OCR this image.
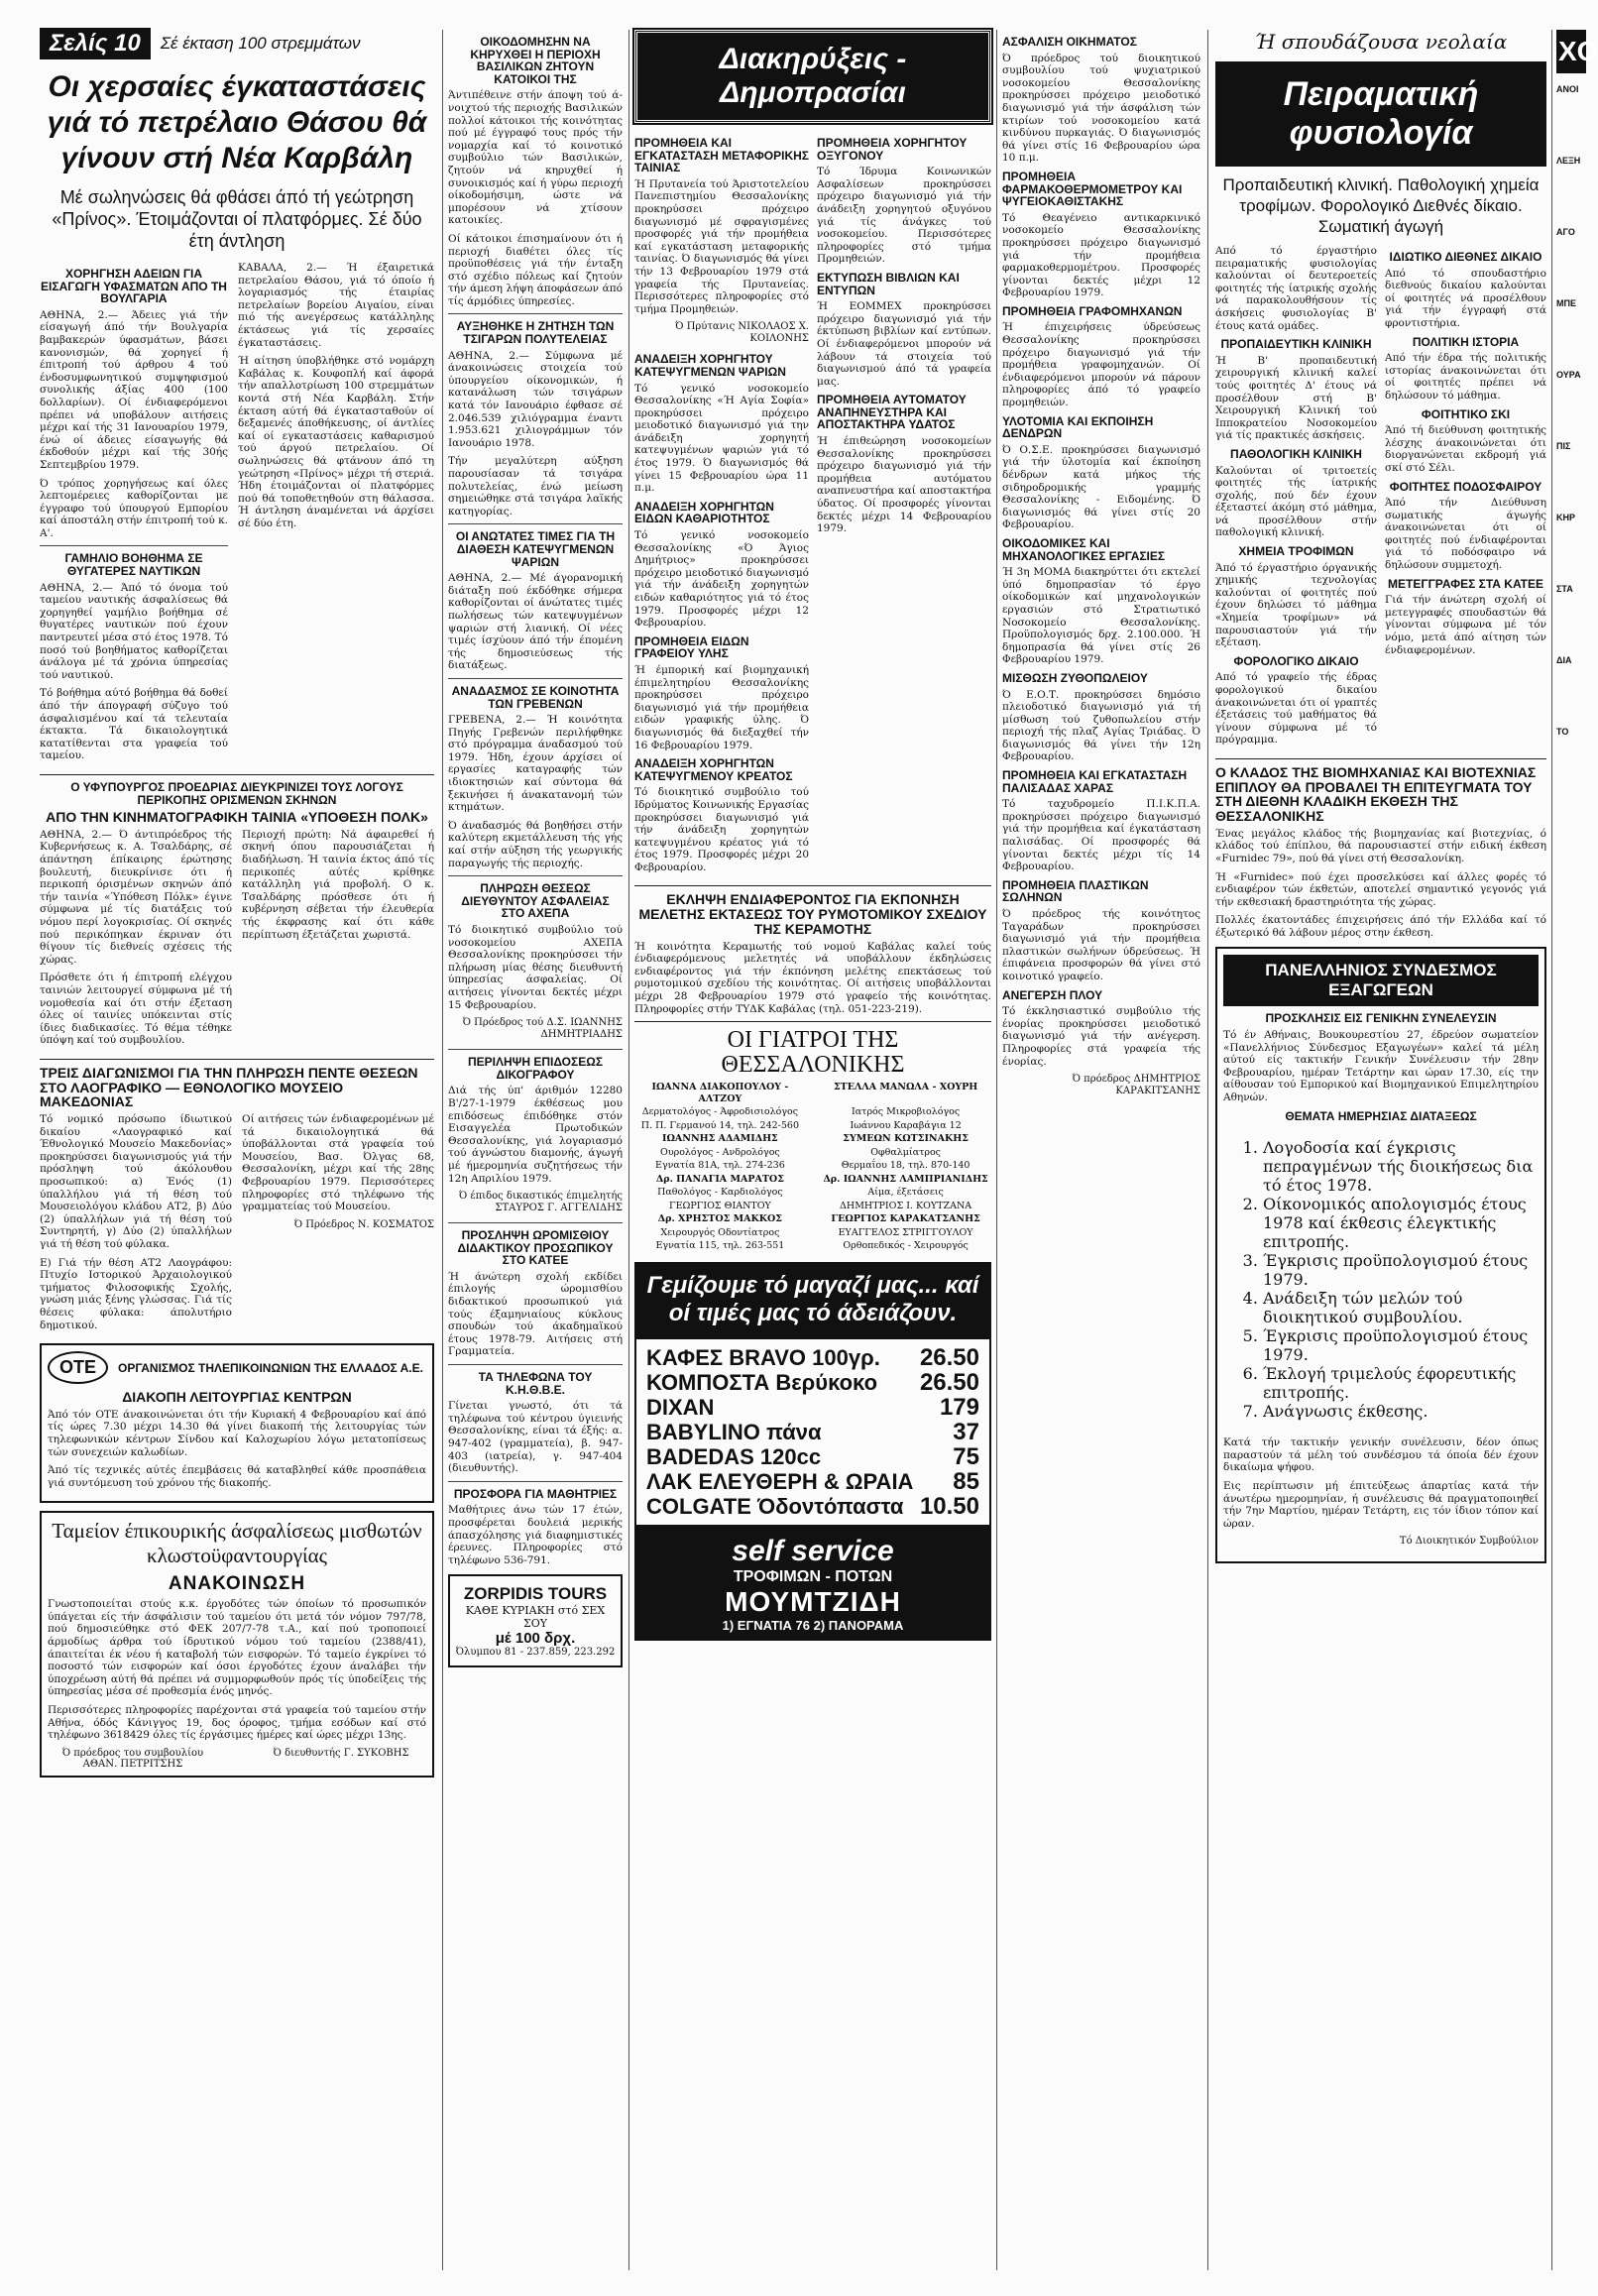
Σελίς 10	Σέ έκταση 100 στρεμμάτων
Οι χερσαίες έγκαταστάσεις γιά τό πετρέλαιο Θάσου θά γίνουν στή Νέα Καρβάλη
Μέ σωληνώσεις θά φθάσει άπό τή γεώτρηση «Πρίνος». Έτοιμάζονται οί πλατφόρμες. Σέ δύο έτη άντληση
ΧΟΡΗΓΗΣΗ ΑΔΕΙΩΝ ΓΙΑ ΕΙΣΑΓΩΓΗ ΥΦΑΣΜΑΤΩΝ ΑΠΟ ΤΗ ΒΟΥΛΓΑΡΙΑ

ΑΘΗΝΑ, 2.— Άδειες γιά τήν είσαγωγή άπό τήν Βουλγαρία βαμβακερών ύφασμάτων, βάσει κανονισμών, θά χορηγεί ή έπιτροπή τού άρθρου 4 τού ένδοσυμφωνητικού συμψηφισμού συνολικής άξίας 400 (100 δολλαρίων). Οί ένδιαφερόμενοι πρέπει νά υποβάλουν αιτήσεις μέχρι καί τής 31 Ιανουαρίου 1979, ένώ οί άδειες είσαγωγής θά έκδοθούν μέχρι καί τής 30ής Σεπτεμβρίου 1979.

Ό τρόπος χορηγήσεως καί όλες λεπτομέρειες καθορίζονται με έγγραφο τού ύπουργού Εμπορίου καί άποστάλη στήν έπιτροπή τού κ. Α'.

ΓΑΜΗΛΙΟ ΒΟΗΘΗΜΑ ΣΕ ΘΥΓΑΤΕΡΕΣ ΝΑΥΤΙΚΩΝ

ΑΘΗΝΑ, 2.— Άπό τό όνομα τού ταμείου ναυτικής άσφαλίσεως θά χορηγηθεί γαμήλιο βοήθημα σέ θυγατέρες ναυτικών πού έχουν παντρευτεί μέσα στό έτος 1978. Τό ποσό τού βοηθήματος καθορίζεται άνάλογα μέ τά χρόνια ύπηρεσίας τού ναυτικού.

Τό βοήθημα αύτό βοήθημα θά δοθεί άπό τήν άπογραφή σύζυγο τού άσφαλισμένου καί τά τελευταία έκτακτα. Τά δικαιολογητικά κατατίθενται στα γραφεία τού ταμείου.

ΚΑΒΑΛΑ, 2.— Ή έξαιρετικά πετρελαίου Θάσου, γιά τό όποίο ή λογαριασμός τής έταιρίας πετρελαίων βορείου Αιγαίου, είναι πιό τής ανεγέρσεως κατάλληλης έκτάσεως γιά τίς χερσαίες έγκαταστάσεις.

Ή αίτηση ύποβλήθηκε στό νομάρχη Καβάλας κ. Κουφοπλή καί άφορά τήν απαλλοτρίωση 100 στρεμμάτων κοντά στή Νέα Καρβάλη. Στήν έκταση αύτή θά έγκατασταθούν οί δεξαμενές άποθήκευσης, οί άντλίες καί οί εγκαταστάσεις καθαρισμού τού άργού πετρελαίου. Οί σωληνώσεις θά φτάνουν άπό τη γεώτρηση «Πρίνος» μέχρι τή στεριά. Ήδη έτοιμάζονται οί πλατφόρμες πού θά τοποθετηθούν στη θάλασσα. Ή άντληση άναμένεται νά άρχίσει σέ δύο έτη.

Ο ΥΦΥΠΟΥΡΓΟΣ ΠΡΟΕΔΡΙΑΣ ΔΙΕΥΚΡΙΝΙΖΕΙ ΤΟΥΣ ΛΟΓΟΥΣ ΠΕΡΙΚΟΠΗΣ ΟΡΙΣΜΕΝΩΝ ΣΚΗΝΩΝ
ΑΠΟ ΤΗΝ ΚΙΝΗΜΑΤΟΓΡΑΦΙΚΗ ΤΑΙΝΙΑ «ΥΠΟΘΕΣΗ ΠΟΛΚ»

ΑΘΗΝΑ, 2.— Ό άντιπρόεδρος τής Κυβερνήσεως κ. Α. Τσαλδάρης, σέ άπάντηση έπίκαιρης έρώτησης βουλευτή, διευκρίνισε ότι ή περικοπή όρισμένων σκηνών άπό τήν ταινία «Ύπόθεση Πόλκ» έγινε σύμφωνα μέ τίς διατάξεις τού νόμου περί λογοκρισίας. Οί σκηνές πού περικόπηκαν έκριναν ότι θίγουν τίς διεθνείς σχέσεις τής χώρας.

Πρόσθετε ότι ή έπιτροπή ελέγχου ταινιών λειτουργεί σύμφωνα μέ τή νομοθεσία καί ότι στήν έξεταση όλες οί ταινίες υπόκεινται στίς ίδιες διαδικασίες. Τό θέμα τέθηκε ύπόψη καί τού συμβουλίου.

Περιοχή πρώτη: Νά άφαιρεθεί ή σκηνή όπου παρουσιάζεται ή διαδήλωση. Ή ταινία έκτος άπό τίς περικοπές αύτές κρίθηκε κατάλληλη γιά προβολή. Ο κ. Τσαλδάρης πρόσθεσε ότι ή κυβέρνηση σέβεται τήν έλευθερία τής έκφρασης καί ότι κάθε περίπτωση έξετάζεται χωριστά.

ΤΡΕΙΣ ΔΙΑΓΩΝΙΣΜΟΙ ΓΙΑ ΤΗΝ ΠΛΗΡΩΣΗ ΠΕΝΤΕ ΘΕΣΕΩΝ ΣΤΟ ΛΑΟΓΡΑΦΙΚΟ — ΕΘΝΟΛΟΓΙΚΟ ΜΟΥΣΕΙΟ ΜΑΚΕΔΟΝΙΑΣ

Τό νομικό πρόσωπο ίδιωτικού δικαίου «Λαογραφικό καί Έθνολογικό Μουσείο Μακεδονίας» προκηρύσσει διαγωνισμούς γιά τήν πρόσληψη τού άκόλουθου προσωπικού: α) Ένός (1) ύπαλλήλου γιά τή θέση τού Μουσειολόγου κλάδου ΑΤ2, β) Δύο (2) ύπαλλήλων γιά τή θέση τού Συντηρητή, γ) Δύο (2) ύπαλλήλων γιά τή θέση τού φύλακα.

Ε) Γιά τήν θέση ΑΤ2 Λαογράφου: Πτυχίο Ιστορικού Άρχαιολογικού τμήματος Φιλοσοφικής Σχολής, γνώση μιάς ξένης γλώσσας. Γιά τίς θέσεις φύλακα: άπολυτήριο δημοτικού.

Οί αιτήσεις τών ένδιαφερομένων μέ τά δικαιολογητικά θά ύποβάλλονται στά γραφεία τού Μουσείου, Βασ. Όλγας 68, Θεσσαλονίκη, μέχρι καί τής 28ης Φεβρουαρίου 1979. Περισσότερες πληροφορίες στό τηλέφωνο τής γραμματείας τού Μουσείου.

Ό Πρόεδρος Ν. ΚΟΣΜΑΤΟΣ
ΟΤΕ	ΟΡΓΑΝΙΣΜΟΣ ΤΗΛΕΠΙΚΟΙΝΩΝΙΩΝ ΤΗΣ ΕΛΛΑΔΟΣ Α.Ε.
ΔΙΑΚΟΠΗ ΛΕΙΤΟΥΡΓΙΑΣ ΚΕΝΤΡΩΝ

Άπό τόν ΟΤΕ άνακοινώνεται ότι τήν Κυριακή 4 Φεβρουαρίου καί άπό τίς ώρες 7.30 μέχρι 14.30 θά γίνει διακοπή τής λειτουργίας τών τηλεφωνικών κέντρων Σίνδου καί Καλοχωρίου λόγω μετατοπίσεως τών συνεχειών καλωδίων.

Άπό τίς τεχνικές αύτές έπεμβάσεις θά καταβληθεί κάθε προσπάθεια γιά συντόμευση τού χρόνου τής διακοπής.

Ταμείον έπικουρικής άσφαλίσεως μισθωτών κλωστοϋφαντουργίας
ΑΝΑΚΟΙΝΩΣΗ

Γνωστοποιείται στούς κ.κ. έργοδότες τών όποίων τό προσωπικόν ύπάγεται είς τήν άσφάλισιν τού ταμείου ότι μετά τόν νόμον 797/78, πού δημοσιεύθηκε στό ΦΕΚ 207/7-78 τ.Α., καί πού τροποποιεί άρμοδίως άρθρα τού ίδρυτικού νόμου τού ταμείου (2388/41), άπαιτείται έκ νέου ή καταβολή τών εισφορών. Τό ταμείο έγκρίνει τό ποσοστό τών εισφορών καί όσοι έργοδότες έχουν άναλάβει τήν ύποχρέωση αύτή θά πρέπει νά συμμορφωθούν πρός τίς ύποδείξεις τής ύπηρεσίας μέσα σέ προθεσμία ένός μηνός.

Περισσότερες πληροφορίες παρέχονται στά γραφεία τού ταμείου στήν Αθήνα, όδός Κάνιγγος 19, δος όροφος, τμήμα εσόδων καί στό τηλέφωνο 3618429 όλες τίς έργάσιμες ήμέρες καί ώρες μέχρι 13ης.

Ό πρόεδρος του συμβουλίου ΑΘΑΝ. ΠΕΤΡΙΤΣΗΣ
Ό διευθυντής Γ. ΣΥΚΟΒΗΣ
ΟΙΚΟΔΟΜΗΣΗΝ ΝΑ ΚΗΡΥΧΘΕΙ Η ΠΕΡΙΟΧΗ ΒΑΣΙΛΙΚΩΝ ΖΗΤΟΥΝ ΚΑΤΟΙΚΟΙ ΤΗΣ

Άντιπέθεινε στήν άποψη τού ά-νοιχτού τής περιοχής Βασιλικών πολλοί κάτοικοι τής κοινότητας πού μέ έγγραφό τους πρός τήν νομαρχία καί τό κοινοτικό συμβούλιο τών Βασιλικών, ζητούν νά κηρυχθεί ή συνοικισμός καί ή γύρω περιοχή οίκοδομήσιμη, ώστε νά μπορέσουν νά χτίσουν κατοικίες.

Οί κάτοικοι έπισημαίνουν ότι ή περιοχή διαθέτει όλες τίς προϋποθέσεις γιά τήν ένταξη στό σχέδιο πόλεως καί ζητούν τήν άμεση λήψη άποφάσεων άπό τίς άρμόδιες ύπηρεσίες.

ΑΥΞΗΘΗΚΕ Η ΖΗΤΗΣΗ ΤΩΝ ΤΣΙΓΑΡΩΝ ΠΟΛΥΤΕΛΕΙΑΣ

ΑΘΗΝΑ, 2.— Σύμφωνα μέ άνακοινώσεις στοιχεία τού ύπουργείου οίκονομικών, ή κατανάλωση τών τσιγάρων κατά τόν Ιανουάριο έφθασε σέ 2.046.539 χιλιόγραμμα έναντι 1.953.621 χιλιογράμμων τόν Ιανουάριο 1978.

Τήν μεγαλύτερη αύξηση παρουσίασαν τά τσιγάρα πολυτελείας, ένώ μείωση σημειώθηκε στά τσιγάρα λαϊκής κατηγορίας.

ΟΙ ΑΝΩΤΑΤΕΣ ΤΙΜΕΣ ΓΙΑ ΤΗ ΔΙΑΘΕΣΗ ΚΑΤΕΨΥΓΜΕΝΩΝ ΨΑΡΙΩΝ

ΑΘΗΝΑ, 2.— Μέ άγορανομική διάταξη πού έκδόθηκε σήμερα καθορίζονται οί άνώτατες τιμές πωλήσεως τών κατεψυγμένων ψαριών στή λιανική. Οί νέες τιμές ίσχύουν άπό τήν έπομένη τής δημοσιεύσεως τής διατάξεως.

ΑΝΑΔΑΣΜΟΣ ΣΕ ΚΟΙΝΟΤΗΤΑ ΤΩΝ ΓΡΕΒΕΝΩΝ

ΓΡΕΒΕΝΑ, 2.— Ή κοινότητα Πηγής Γρεβενών περιλήφθηκε στό πρόγραμμα άναδασμού τού 1979. Ήδη, έχουν άρχίσει οί εργασίες καταγραφής τών ιδιοκτησιών καί σύντομα θά ξεκινήσει ή άνακατανομή τών κτημάτων.

Ό άναδασμός θά βοηθήσει στήν καλύτερη εκμετάλλευση τής γής καί στήν αύξηση τής γεωργικής παραγωγής τής περιοχής.

ΠΛΗΡΩΣΗ ΘΕΣΕΩΣ ΔΙΕΥΘΥΝΤΟΥ ΑΣΦΑΛΕΙΑΣ ΣΤΟ ΑΧΕΠΑ

Τό διοικητικό συμβούλιο τού νοσοκομείου ΑΧΕΠΑ Θεσσαλονίκης προκηρύσσει τήν πλήρωση μίας θέσης διευθυντή ύπηρεσίας άσφαλείας. Οί αιτήσεις γίνονται δεκτές μέχρι 15 Φεβρουαρίου.

Ό Πρόεδρος τού Δ.Σ. ΙΩΑΝΝΗΣ ΔΗΜΗΤΡΙΑΔΗΣ
ΠΕΡΙΛΗΨΗ ΕΠΙΔΟΣΕΩΣ ΔΙΚΟΓΡΑΦΟΥ

Διά τής ύπ' άριθμόν 12280 Β'/27-1-1979 έκθέσεως μου επιδόσεως έπιδόθηκε στόν Εισαγγελέα Πρωτοδικών Θεσσαλονίκης, γιά λογαριασμό τού άγνώστου διαμονής, άγωγή μέ ήμερομηνία συζητήσεως τήν 12η Απριλίου 1979.

Ό έπιδος δικαστικός έπιμελητής ΣΤΑΥΡΟΣ Γ. ΑΓΓΕΛΙΔΗΣ
ΠΡΟΣΛΗΨΗ ΩΡΟΜΙΣΘΙΟΥ ΔΙΔΑΚΤΙΚΟΥ ΠΡΟΣΩΠΙΚΟΥ ΣΤΟ ΚΑΤΕΕ

Ή άνώτερη σχολή εκδίδει έπιλογής ώρομισθίου διδακτικού προσωπικού γιά τούς έξαμηνιαίους κύκλους σπουδών τού άκαδημαϊκού έτους 1978-79. Αιτήσεις στή Γραμματεία.

ΤΑ ΤΗΛΕΦΩΝΑ ΤΟΥ Κ.Η.Θ.Β.Ε.

Γίνεται γνωστό, ότι τά τηλέφωνα τού κέντρου ύγιεινής Θεσσαλονίκης, είναι τά έξής: α. 947-402 (γραμματεία), β. 947-403 (ιατρεία), γ. 947-404 (διευθυντής).

ΠΡΟΣΦΟΡΑ ΓΙΑ ΜΑΘΗΤΡΙΕΣ

Μαθήτριες άνω τών 17 έτών, προσφέρεται δουλειά μερικής άπασχόλησης γιά διαφημιστικές έρευνες. Πληροφορίες στό τηλέφωνο 536-791.

ZORPIDIS TOURS
ΚΑΘΕ ΚΥΡΙΑΚΗ στό ΣΕΧ ΣΟΥ
μέ 100 δρχ.
Όλυμπου 81 - 237.859, 223.292
Διακηρύξεις - Δημοπρασίαι
ΠΡΟΜΗΘΕΙΑ ΚΑΙ ΕΓΚΑΤΑΣΤΑΣΗ ΜΕΤΑΦΟΡΙΚΗΣ ΤΑΙΝΙΑΣ

Ή Πρυτανεία τού Άριστοτελείου Πανεπιστημίου Θεσσαλονίκης προκηρύσσει πρόχειρο διαγωνισμό μέ σφραγισμένες προσφορές γιά τήν προμήθεια καί εγκατάσταση μεταφορικής ταινίας. Ό διαγωνισμός θά γίνει τήν 13 Φεβρουαρίου 1979 στά γραφεία τής Πρυτανείας. Περισσότερες πληροφορίες στό τμήμα Προμηθειών.

Ό Πρύτανις ΝΙΚΟΛΑΟΣ Χ. ΚΟΙΛΟΝΗΣ
ΑΝΑΔΕΙΞΗ ΧΟΡΗΓΗΤΟΥ ΚΑΤΕΨΥΓΜΕΝΩΝ ΨΑΡΙΩΝ

Τό γενικό νοσοκομείο Θεσσαλονίκης «Ή Αγία Σοφία» προκηρύσσει πρόχειρο μειοδοτικό διαγωνισμό γιά την άνάδειξη χορηγητή κατεψυγμένων ψαριών γιά τό έτος 1979. Ό διαγωνισμός θά γίνει 15 Φεβρουαρίου ώρα 11 π.μ.

ΑΝΑΔΕΙΞΗ ΧΟΡΗΓΗΤΩΝ ΕΙΔΩΝ ΚΑΘΑΡΙΟΤΗΤΟΣ

Τό γενικό νοσοκομείο Θεσσαλονίκης «Ό Άγιος Δημήτριος» προκηρύσσει πρόχειρο μειοδοτικό διαγωνισμό γιά τήν άνάδειξη χορηγητών ειδών καθαριότητος γιά τό έτος 1979. Προσφορές μέχρι 12 Φεβρουαρίου.

ΠΡΟΜΗΘΕΙΑ ΕΙΔΩΝ ΓΡΑΦΕΙΟΥ ΥΛΗΣ

Ή έμπορική καί βιομηχανική έπιμελητηρίου Θεσσαλονίκης προκηρύσσει πρόχειρο διαγωνισμό γιά τήν προμήθεια ειδών γραφικής ύλης. Ό διαγωνισμός θά διεξαχθεί τήν 16 Φεβρουαρίου 1979.

ΑΝΑΔΕΙΞΗ ΧΟΡΗΓΗΤΩΝ ΚΑΤΕΨΥΓΜΕΝΟΥ ΚΡΕΑΤΟΣ

Τό διοικητικό συμβούλιο τού Ιδρύματος Κοινωνικής Εργασίας προκηρύσσει διαγωνισμό γιά τήν άνάδειξη χορηγητών κατεψυγμένου κρέατος γιά τό έτος 1979. Προσφορές μέχρι 20 Φεβρουαρίου.

ΠΡΟΜΗΘΕΙΑ ΧΟΡΗΓΗΤΟΥ ΟΞΥΓΟΝΟΥ

Τό Ίδρυμα Κοινωνικών Ασφαλίσεων προκηρύσσει πρόχειρο διαγωνισμό γιά τήν άνάδειξη χορηγητού οξυγόνου γιά τίς άνάγκες τού νοσοκομείου. Περισσότερες πληροφορίες στό τμήμα Προμηθειών.

ΕΚΤΥΠΩΣΗ ΒΙΒΛΙΩΝ ΚΑΙ ΕΝΤΥΠΩΝ

Ή ΕΟΜΜΕΧ προκηρύσσει πρόχειρο διαγωνισμό γιά τήν έκτύπωση βιβλίων καί εντύπων. Οί ένδιαφερόμενοι μπορούν νά λάβουν τά στοιχεία τού διαγωνισμού άπό τά γραφεία μας.

ΠΡΟΜΗΘΕΙΑ ΑΥΤΟΜΑΤΟΥ ΑΝΑΠΗΝΕΥΣΤΗΡΑ ΚΑΙ ΑΠΟΣΤΑΚΤΗΡΑ ΥΔΑΤΟΣ

Ή έπιθεώρηση νοσοκομείων Θεσσαλονίκης προκηρύσσει πρόχειρο διαγωνισμό γιά τήν προμήθεια αυτόματου αναπνευστήρα καί αποστακτήρα ύδατος. Οί προσφορές γίνονται δεκτές μέχρι 14 Φεβρουαρίου 1979.

ΕΚΛΗΨΗ ΕΝΔΙΑΦΕΡΟΝΤΟΣ ΓΙΑ ΕΚΠΟΝΗΣΗ ΜΕΛΕΤΗΣ ΕΚΤΑΣΕΩΣ ΤΟΥ ΡΥΜΟΤΟΜΙΚΟΥ ΣΧΕΔΙΟΥ ΤΗΣ ΚΕΡΑΜΟΤΗΣ

Ή κοινότητα Κεραμωτής τού νομού Καβάλας καλεί τούς ένδιαφερόμενους μελετητές νά υποβάλλουν έκδηλώσεις ενδιαφέροντος γιά τήν έκπόνηση μελέτης επεκτάσεως τού ρυμοτομικού σχεδίου τής κοινότητας. Οί αιτήσεις υποβάλλονται μέχρι 28 Φεβρουαρίου 1979 στό γραφείο τής κοινότητας. Πληροφορίες στήν ΤΥΔΚ Καβάλας (τηλ. 051-223-219).

ΟΙ ΓΙΑΤΡΟΙ ΤΗΣ ΘΕΣΣΑΛΟΝΙΚΗΣ
ΙΩΑΝΝΑ ΔΙΑΚΟΠΟΥΛΟΥ - ΑΛΤΖΟΥ
ΣΤΕΛΛΑ ΜΑΝΩΛΑ - ΧΟΥΡΗ
Δερματολόγος - Άφροδισιολόγος	Ιατρός Μικροβιολόγος
Π. Π. Γερμανού 14, τηλ. 242-560	Ιωάννου Καραβάγια 12
ΙΩΑΝΝΗΣ ΑΔΑΜΙΔΗΣ	ΣΥΜΕΩΝ ΚΩΤΣΙΝΑΚΗΣ
Ουρολόγος - Ανδρολόγος	Οφθαλμίατρος
Εγνατία 81Α, τηλ. 274-236	Θερμαΐου 18, τηλ. 870-140
Δρ. ΠΑΝΑΓΙΑ ΜΑΡΑΤΟΣ	Δρ. ΙΩΑΝΝΗΣ ΛΑΜΠΡΙΑΝΙΔΗΣ
Παθολόγος - Καρδιολόγος	Αίμα, έξετάσεις
ΓΕΩΡΓΙΟΣ ΘΙΑΝΤΟΥ	ΔΗΜΗΤΡΙΟΣ Ι. ΚΟΥΤΖΑΝΑ
Δρ. ΧΡΗΣΤΟΣ ΜΑΚΚΟΣ	ΓΕΩΡΓΙΟΣ ΚΑΡΑΚΑΤΣΑΝΗΣ
Χειρουργός Οδοντίατρος	ΕΥΑΓΓΕΛΟΣ ΣΤΡΙΓΓΟΥΛΟΥ
Εγνατία 115, τηλ. 263-551	Ορθοπεδικός - Χειρουργός
Γεμίζουμε τό μαγαζί μας... καί οί τιμές μας τό άδειάζουν.
ΚΑΦΕΣ BRAVO 100γρ. 26.50
ΚΟΜΠΟΣΤΑ Βερύκοκο 26.50
DIXAN	179
BABYLINO πάνα	37
BADEDAS 120cc	75
ΛΑΚ ΕΛΕΥΘΕΡΗ & ΩΡΑΙΑ 85
COLGATE Όδοντόπαστα 10.50
self service
ΤΡΟΦΙΜΩΝ - ΠΟΤΩΝ
ΜΟΥΜΤΖΙΔΗ
1) ΕΓΝΑΤΙΑ 76 2) ΠΑΝΟΡΑΜΑ
ΑΣΦΑΛΙΣΗ ΟΙΚΗΜΑΤΟΣ

Ό πρόεδρος τού διοικητικού συμβουλίου τού ψυχιατρικού νοσοκομείου Θεσσαλονίκης προκηρύσσει πρόχειρο μειοδοτικό διαγωνισμό γιά τήν άσφάλιση τών κτιρίων τού νοσοκομείου κατά κινδύνου πυρκαγιάς. Ό διαγωνισμός θά γίνει στίς 16 Φεβρουαρίου ώρα 10 π.μ.

ΠΡΟΜΗΘΕΙΑ ΦΑΡΜΑΚΟΘΕΡΜΟΜΕΤΡΟΥ ΚΑΙ ΨΥΓΕΙΟΚΑΘΙΣΤΑΚΗΣ

Τό Θεαγένειο αντικαρκινικό νοσοκομείο Θεσσαλονίκης προκηρύσσει πρόχειρο διαγωνισμό γιά τήν προμήθεια φαρμακοθερμομέτρου. Προσφορές γίνονται δεκτές μέχρι 12 Φεβρουαρίου 1979.

ΠΡΟΜΗΘΕΙΑ ΓΡΑΦΟΜΗΧΑΝΩΝ

Ή έπιχειρήσεις ύδρεύσεως Θεσσαλονίκης προκηρύσσει πρόχειρο διαγωνισμό γιά τήν προμήθεια γραφομηχανών. Οί ένδιαφερόμενοι μπορούν νά πάρουν πληροφορίες άπό τό γραφείο προμηθειών.

ΥΛΟΤΟΜΙΑ ΚΑΙ ΕΚΠΟΙΗΣΗ ΔΕΝΔΡΩΝ

Ό Ο.Σ.Ε. προκηρύσσει διαγωνισμό γιά τήν ύλοτομία καί έκποίηση δένδρων κατά μήκος τής σιδηροδρομικής γραμμής Θεσσαλονίκης - Ειδομένης. Ό διαγωνισμός θά γίνει στίς 20 Φεβρουαρίου.

ΟΙΚΟΔΟΜΙΚΕΣ ΚΑΙ ΜΗΧΑΝΟΛΟΓΙΚΕΣ ΕΡΓΑΣΙΕΣ

Ή 3η ΜΟΜΑ διακηρύττει ότι εκτελεί ύπό δημοπρασίαν τό έργο οίκοδομικών καί μηχανολογικών εργασιών στό Στρατιωτικό Νοσοκομείο Θεσσαλονίκης. Προϋπολογισμός δρχ. 2.100.000. Ή δημοπρασία θά γίνει στίς 26 Φεβρουαρίου 1979.

ΜΙΣΘΩΣΗ ΖΥΘΟΠΩΛΕΙΟΥ

Ό Ε.Ο.Τ. προκηρύσσει δημόσιο πλειοδοτικό διαγωνισμό γιά τή μίσθωση τού ζυθοπωλείου στήν περιοχή τής πλαζ Αγίας Τριάδας. Ό διαγωνισμός θά γίνει τήν 12η Φεβρουαρίου.

ΠΡΟΜΗΘΕΙΑ ΚΑΙ ΕΓΚΑΤΑΣΤΑΣΗ ΠΑΛΙΣΑΔΑΣ ΧΑΡΑΣ

Τό ταχυδρομείο Π.Ι.Κ.Π.Α. προκηρύσσει πρόχειρο διαγωνισμό γιά τήν προμήθεια καί έγκατάσταση παλισάδας. Οί προσφορές θά γίνονται δεκτές μέχρι τίς 14 Φεβρουαρίου.

ΠΡΟΜΗΘΕΙΑ ΠΛΑΣΤΙΚΩΝ ΣΩΛΗΝΩΝ

Ό πρόεδρος τής κοινότητος Ταγαράδων προκηρύσσει διαγωνισμό γιά τήν προμήθεια πλαστικών σωλήνων ύδρεύσεως. Ή έπιφάνεια προσφορών θά γίνει στό κοινοτικό γραφείο.

ΑΝΕΓΕΡΣΗ ΠΛΟΥ

Τό έκκλησιαστικό συμβούλιο τής ένορίας προκηρύσσει μειοδοτικό διαγωνισμό γιά τήν ανέγερση. Πληροφορίες στά γραφεία τής ένορίας.

Ό πρόεδρος ΔΗΜΗΤΡΙΟΣ ΚΑΡΑΚΙΤΣΑΝΗΣ
Ή σπουδάζουσα νεολαία
Πειραματική φυσιολογία
Προπαιδευτική κλινική. Παθολογική χημεία τροφίμων. Φορολογικό Διεθνές δίκαιο. Σωματική άγωγή

Από τό έργαστήριο πειραματικής φυσιολογίας καλούνται οί δευτεροετείς φοιτητές τής ίατρικής σχολής νά παρακολουθήσουν τίς άσκήσεις φυσιολογίας Β' έτους κατά ομάδες.

ΠΡΟΠΑΙΔΕΥΤΙΚΗ ΚΛΙΝΙΚΗ

Ή Β' προπαιδευτική χειρουργική κλινική καλεί τούς φοιτητές Δ' έτους νά προσέλθουν στή Β' Χειρουργική Κλινική τού Ιπποκρατείου Νοσοκομείου γιά τίς πρακτικές άσκήσεις.

ΠΑΘΟΛΟΓΙΚΗ ΚΛΙΝΙΚΗ

Καλούνται οί τριτοετείς φοιτητές τής ίατρικής σχολής, πού δέν έχουν έξεταστεί άκόμη στό μάθημα, νά προσέλθουν στήν παθολογική κλινική.

ΧΗΜΕΙΑ ΤΡΟΦΙΜΩΝ

Άπό τό έργαστήριο όργανικής χημικής τεχνολογίας καλούνται οί φοιτητές πού έχουν δηλώσει τό μάθημα «Χημεία τροφίμων» νά παρουσιαστούν γιά τήν εξέταση.

ΦΟΡΟΛΟΓΙΚΟ ΔΙΚΑΙΟ

Από τό γραφείο τής έδρας φορολογικού δικαίου άνακοινώνεται ότι οί γραπτές έξετάσεις τού μαθήματος θά γίνουν σύμφωνα μέ τό πρόγραμμα.

ΙΔΙΩΤΙΚΟ ΔΙΕΘΝΕΣ ΔΙΚΑΙΟ

Από τό σπουδαστήριο διεθνούς δικαίου καλούνται οί φοιτητές νά προσέλθουν γιά τήν έγγραφή στά φροντιστήρια.

ΠΟΛΙΤΙΚΗ ΙΣΤΟΡΙΑ

Από τήν έδρα τής πολιτικής ιστορίας άνακοινώνεται ότι οί φοιτητές πρέπει νά δηλώσουν τό μάθημα.

ΦΟΙΤΗΤΙΚΟ ΣΚΙ

Άπό τή διεύθυνση φοιτητικής λέσχης άνακοινώνεται ότι διοργανώνεται εκδρομή γιά σκί στό Σέλι.

ΦΟΙΤΗΤΕΣ ΠΟΔΟΣΦΑΙΡΟΥ

Άπό τήν Διεύθυνση σωματικής άγωγής άνακοινώνεται ότι οί φοιτητές πού ένδιαφέρονται γιά τό ποδόσφαιρο νά δηλώσουν συμμετοχή.

ΜΕΤΕΓΓΡΑΦΕΣ ΣΤΑ ΚΑΤΕΕ

Γιά τήν άνώτερη σχολή οί μετεγγραφές σπουδαστών θά γίνονται σύμφωνα μέ τόν νόμο, μετά άπό αίτηση τών ένδιαφερομένων.

Ο ΚΛΑΔΟΣ ΤΗΣ ΒΙΟΜΗΧΑΝΙΑΣ ΚΑΙ ΒΙΟΤΕΧΝΙΑΣ ΕΠΙΠΛΟΥ ΘΑ ΠΡΟΒΑΛΕΙ ΤΗ ΕΠΙΤΕΥΓΜΑΤΑ ΤΟΥ ΣΤΗ ΔΙΕΘΝΗ ΚΛΑΔΙΚΗ ΕΚΘΕΣΗ ΤΗΣ ΘΕΣΣΑΛΟΝΙΚΗΣ

Ένας μεγάλος κλάδος τής βιομηχανίας καί βιοτεχνίας, ό κλάδος τού έπίπλου, θά παρουσιαστεί στήν ειδική έκθεση «Furnidec 79», πού θά γίνει στή Θεσσαλονίκη.

Ή «Furnidec» πού έχει προσελκύσει καί άλλες φορές τό ενδιαφέρον τών έκθετών, αποτελεί σημαντικό γεγονός γιά τήν εκθεσιακή δραστηριότητα τής χώρας.

Πολλές έκατοντάδες έπιχειρήσεις άπό τήν Ελλάδα καί τό έξωτερικό θά λάβουν μέρος στην έκθεση.

ΠΑΝΕΛΛΗΝΙΟΣ ΣΥΝΔΕΣΜΟΣ ΕΞΑΓΩΓΕΩΝ
ΠΡΟΣΚΛΗΣΙΣ ΕΙΣ ΓΕΝΙΚΗΝ ΣΥΝΕΛΕΥΣΙΝ

Τό έν Αθήναις, Βουκουρεστίου 27, έδρεύον σωματείον «Πανελλήνιος Σύνδεσμος Εξαγωγέων» καλεί τά μέλη αύτού είς τακτικήν Γενικήν Συνέλευσιν τήν 28ην Φεβρουαρίου, ημέραν Τετάρτην και ώραν 17.30, είς την αίθουσαν τού Εμπορικού καί Βιομηχανικού Επιμελητηρίου Αθηνών.

ΘΕΜΑΤΑ ΗΜΕΡΗΣΙΑΣ ΔΙΑΤΑΞΕΩΣ
1. Λογοδοσία καί έγκρισις πεπραγμένων τής διοικήσεως δια τό έτος 1978.
2. Οίκονομικός απολογισμός έτους 1978 καί έκθεσις έλεγκτικής επιτροπής.
3. Έγκρισις προϋπολογισμού έτους 1979.
4. Ανάδειξη τών μελών τού διοικητικού συμβουλίου.
5. Έγκρισις προϋπολογισμού έτους 1979.
6. Έκλογή τριμελούς έφορευτικής επιτροπής.
7. Ανάγνωσις έκθεσης.

Κατά τήν τακτικήν γενικήν συνέλευσιν, δέον όπως παραστούν τά μέλη τού συνδέσμου τά όποία δέν έχουν δικαίωμα ψήφου.

Εις περίπτωσιν μή έπιτεύξεως άπαρτίας κατά τήν άνωτέρω ημερομηνίαν, ή συνέλευσις θά πραγματοποιηθεί τήν 7ην Μαρτίου, ημέραν Τετάρτη, εις τόν ίδιον τόπον καί ώραν.

Τό Διοικητικόν Συμβούλιον
ΧΟ
ΑΝΟΙ
ΛΕΞΗ
ΑΓΟ
ΜΠΕ
ΟΥΡΑ
ΠΙΣ
ΚΗΡ
ΣΤΑ
ΔΙΑ
ΤΟ
